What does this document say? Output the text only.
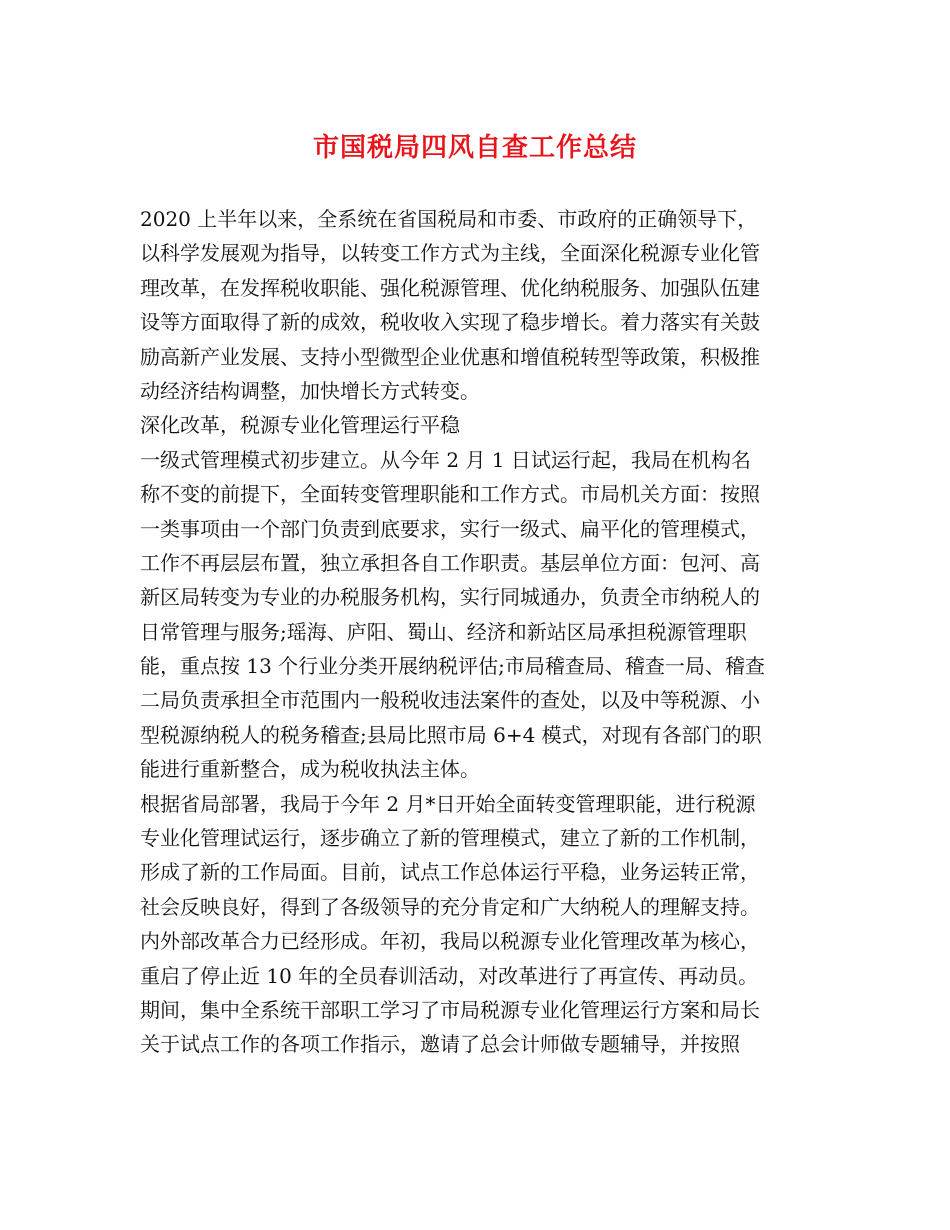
市国税局四风自查工作总结
2020 上半年以来，全系统在省国税局和市委、市政府的正确领导下，
以科学发展观为指导，以转变工作方式为主线，全面深化税源专业化管
理改革，在发挥税收职能、强化税源管理、优化纳税服务、加强队伍建
设等方面取得了新的成效，税收收入实现了稳步增长。着力落实有关鼓
励高新产业发展、支持小型微型企业优惠和增值税转型等政策，积极推
动经济结构调整，加快增长方式转变。
深化改革，税源专业化管理运行平稳
一级式管理模式初步建立。从今年 2 月 1 日试运行起，我局在机构名
称不变的前提下，全面转变管理职能和工作方式。市局机关方面：按照
一类事项由一个部门负责到底要求，实行一级式、扁平化的管理模式，
工作不再层层布置，独立承担各自工作职责。基层单位方面：包河、高
新区局转变为专业的办税服务机构，实行同城通办，负责全市纳税人的
日常管理与服务;瑶海、庐阳、蜀山、经济和新站区局承担税源管理职
能，重点按 13 个行业分类开展纳税评估;市局稽查局、稽查一局、稽查
二局负责承担全市范围内一般税收违法案件的查处，以及中等税源、小
型税源纳税人的税务稽查;县局比照市局 6+4 模式，对现有各部门的职
能进行重新整合，成为税收执法主体。
根据省局部署，我局于今年 2 月*日开始全面转变管理职能，进行税源
专业化管理试运行，逐步确立了新的管理模式，建立了新的工作机制，
形成了新的工作局面。目前，试点工作总体运行平稳，业务运转正常，
社会反映良好，得到了各级领导的充分肯定和广大纳税人的理解支持。
内外部改革合力已经形成。年初，我局以税源专业化管理改革为核心，
重启了停止近 10 年的全员春训活动，对改革进行了再宣传、再动员。
期间，集中全系统干部职工学习了市局税源专业化管理运行方案和局长
关于试点工作的各项工作指示，邀请了总会计师做专题辅导，并按照
